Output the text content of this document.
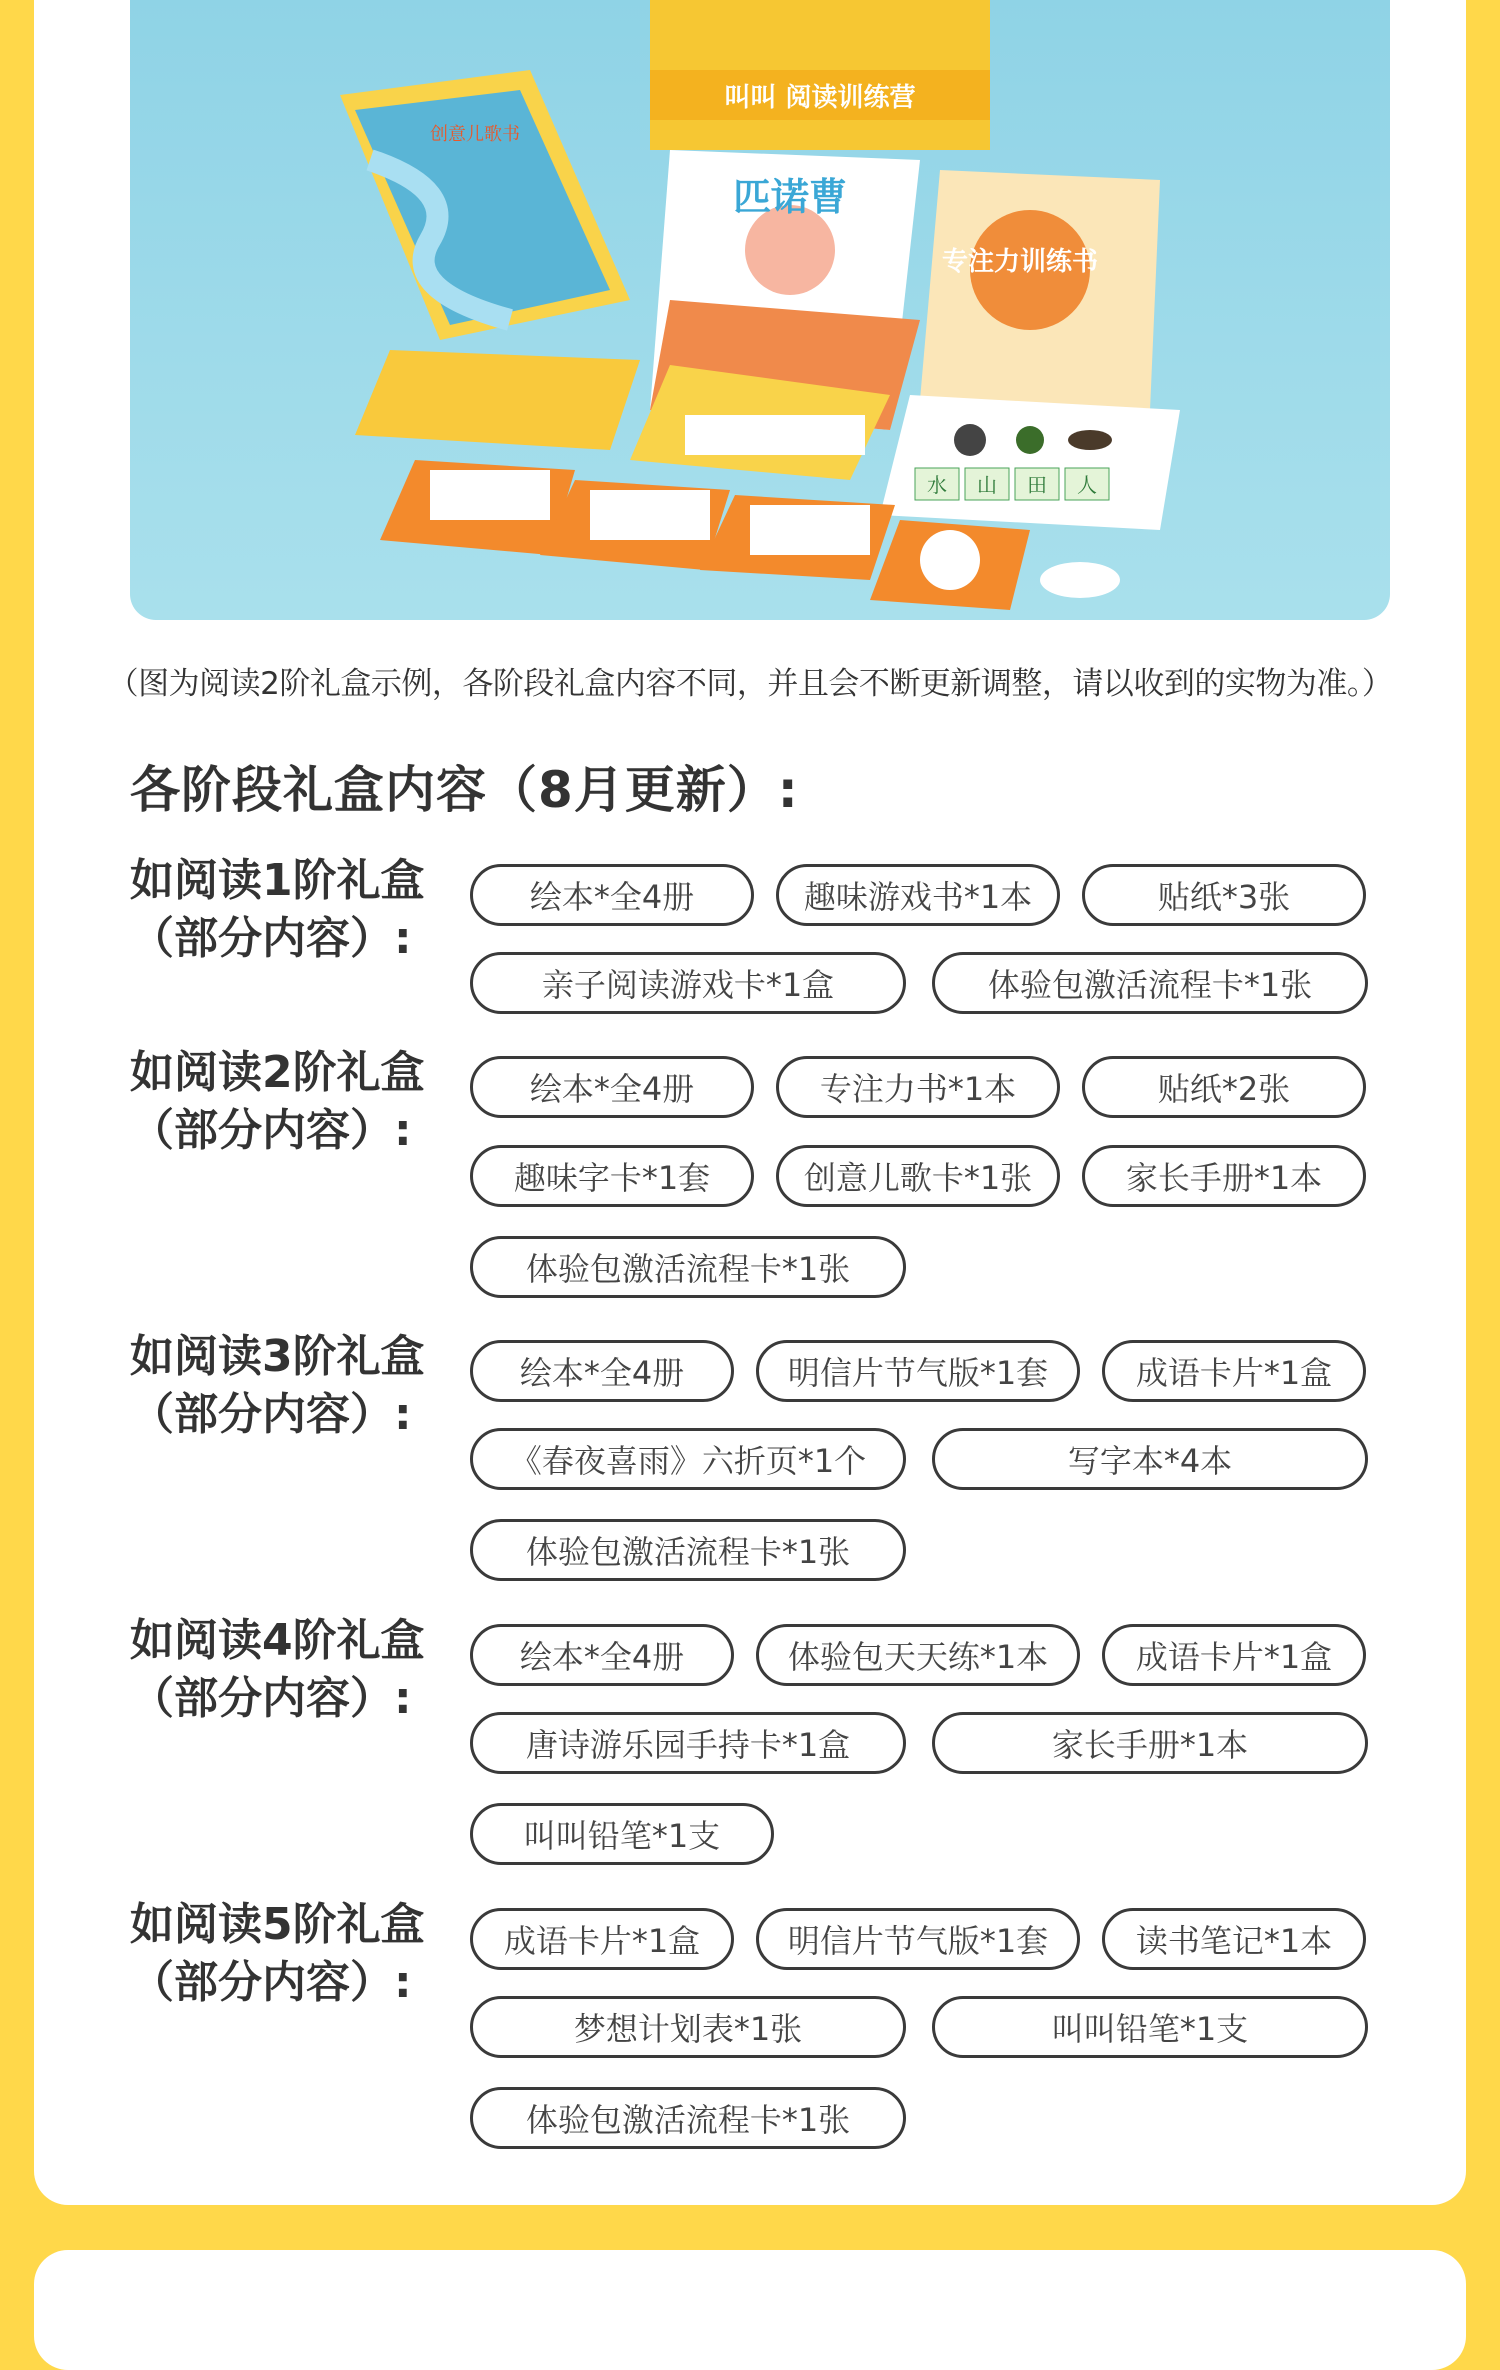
叫叫 阅读训练营
创意儿歌书
匹诺曹
专注力训练书
水 山 田 人
（图为阅读2阶礼盒示例，各阶段礼盒内容不同，并且会不断更新调整，请以收到的实物为准。）
各阶段礼盒内容（8月更新）:
如阅读1阶礼盒
（部分内容）:
绘本*全4册	趣味游戏书*1本	贴纸*3张
亲子阅读游戏卡*1盒	体验包激活流程卡*1张
如阅读2阶礼盒
（部分内容）:
绘本*全4册	专注力书*1本	贴纸*2张
趣味字卡*1套	创意儿歌卡*1张	家长手册*1本
体验包激活流程卡*1张
如阅读3阶礼盒
（部分内容）:
绘本*全4册	明信片节气版*1套	成语卡片*1盒
《春夜喜雨》六折页*1个	写字本*4本
体验包激活流程卡*1张
如阅读4阶礼盒
（部分内容）:
绘本*全4册	体验包天天练*1本	成语卡片*1盒
唐诗游乐园手持卡*1盒	家长手册*1本
叫叫铅笔*1支
如阅读5阶礼盒
（部分内容）:
成语卡片*1盒	明信片节气版*1套	读书笔记*1本
梦想计划表*1张	叫叫铅笔*1支
体验包激活流程卡*1张
